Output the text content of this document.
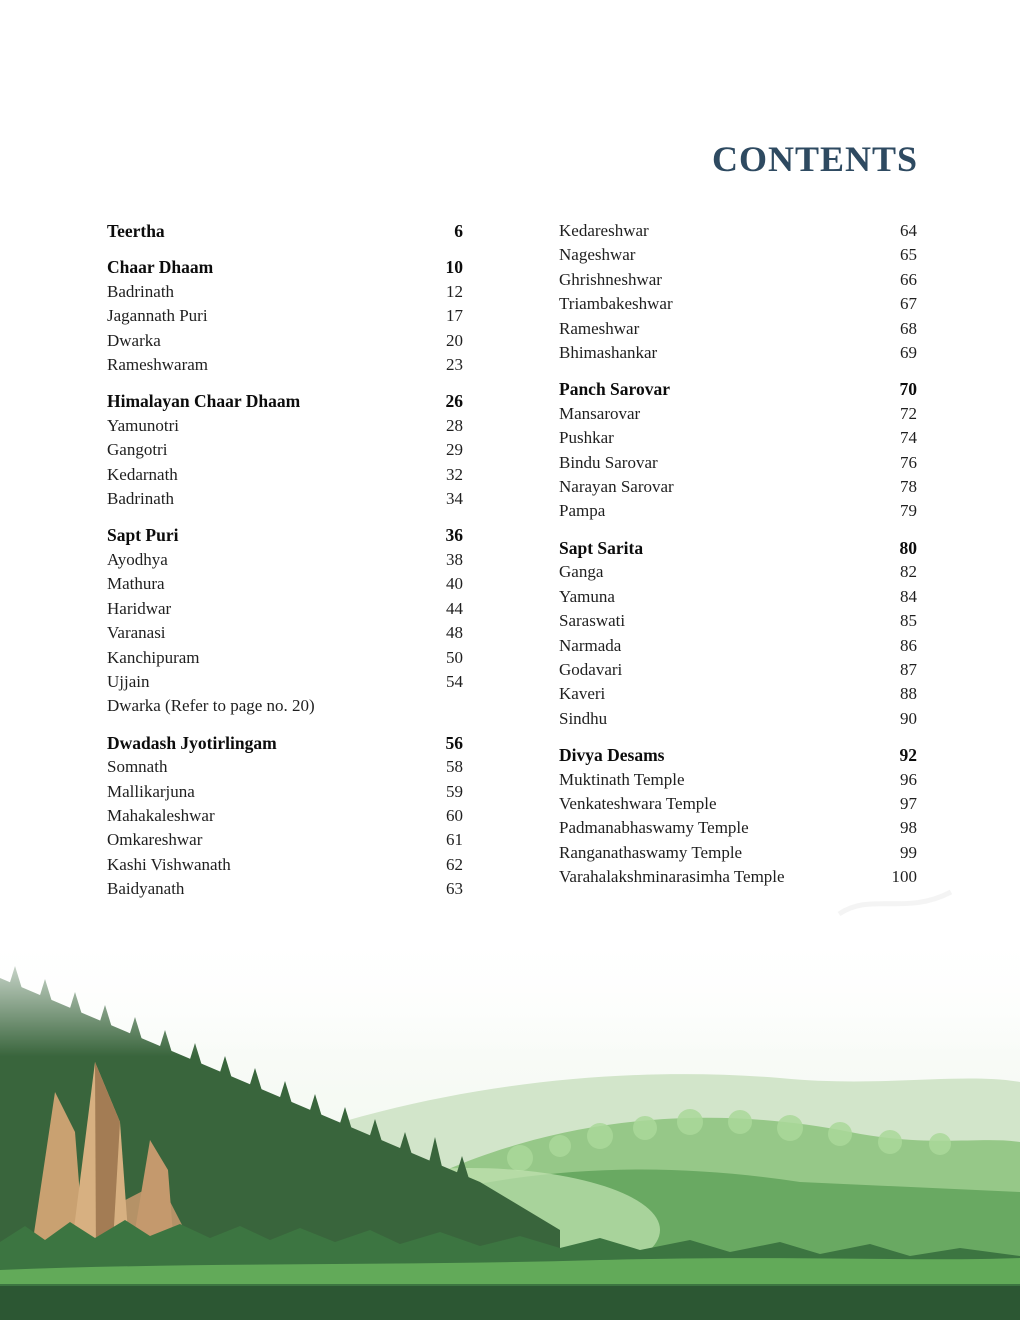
CONTENTS
Teertha	6
Chaar Dhaam	10
Badrinath	12
Jagannath Puri	17
Dwarka	20
Rameshwaram	23
Himalayan Chaar Dhaam	26
Yamunotri	28
Gangotri	29
Kedarnath	32
Badrinath	34
Sapt Puri	36
Ayodhya	38
Mathura	40
Haridwar	44
Varanasi	48
Kanchipuram	50
Ujjain	54
Dwarka (Refer to page no. 20)
Dwadash Jyotirlingam	56
Somnath	58
Mallikarjuna	59
Mahakaleshwar	60
Omkareshwar	61
Kashi Vishwanath	62
Baidyanath	63
Kedareshwar	64
Nageshwar	65
Ghrishneshwar	66
Triambakeshwar	67
Rameshwar	68
Bhimashankar	69
Panch Sarovar	70
Mansarovar	72
Pushkar	74
Bindu Sarovar	76
Narayan Sarovar	78
Pampa	79
Sapt Sarita	80
Ganga	82
Yamuna	84
Saraswati	85
Narmada	86
Godavari	87
Kaveri	88
Sindhu	90
Divya Desams	92
Muktinath Temple	96
Venkateshwara Temple	97
Padmanabhaswamy Temple	98
Ranganathaswamy Temple	99
Varahalakshminarasimha Temple	100
